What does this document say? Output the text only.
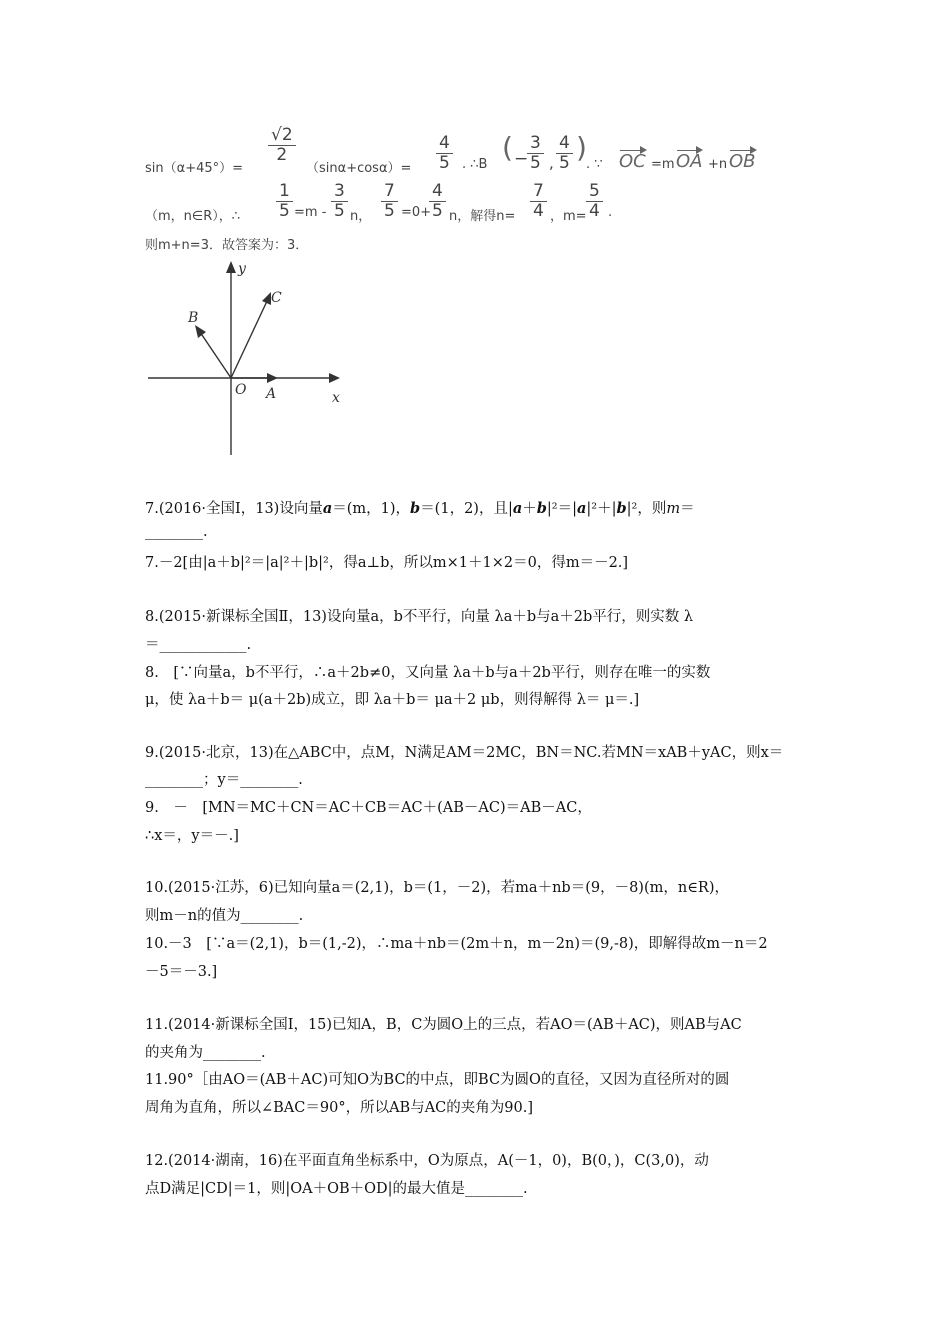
sin（α+45°）=
$\frac{√2}{2}$
$(\sin\alpha+\cos\alpha)= \frac{4}{5}$ . ∴B
( −
$\frac{3}{5}$ , $\frac{4}{5}$ )
. ∵ OC =m OA +n OB
（m，n∈R），∴ $\frac{1}{5} =m - \frac{3}{5}$ n， $\frac{7}{5} =0+$
$\frac{4}{5}$ n，解得$n= \frac{7}{4}$ ，$m= \frac{5}{4}$ .
则m+n=3．故答案为：3．
y
x
O A
B
C
7.(2016·全国Ⅰ，13)设向量a＝(m，1)，b＝(1，2)，且|a＋b|²＝|a|²＋|b|²，则m＝
________.
7.－2[由|a＋b|²＝|a|²＋|b|²，得a⊥b，所以m×1＋1×2＝0，得m＝－2.]
8.(2015·新课标全国Ⅱ，13)设向量a，b不平行，向量 λa＋b与a＋2b平行，则实数 λ
＝____________.
8.　[∵向量a，b不平行，∴a＋2b≠0，又向量 λa＋b与a＋2b平行，则存在唯一的实数
μ，使 λa＋b＝ μ(a＋2b)成立，即 λa＋b＝ μa＋2 μb，则得解得 λ＝ μ＝.]
9.(2015·北京，13)在△ABC中，点M，N满足AM＝2MC，BN＝NC.若MN＝xAB＋yAC，则x＝
________；y＝________.
9.　－　[MN＝MC＋CN＝AC＋CB＝AC＋(AB－AC)＝AB－AC，
∴x＝，y＝－.]
10.(2015·江苏，6)已知向量a＝(2,1)，b＝(1，－2)，若ma＋nb＝(9，－8)(m，n∈R)，
则m－n的值为________.
10.－3　[∵a＝(2,1)，b＝(1,-2)，∴ma＋nb＝(2m＋n，m－2n)＝(9,-8)，即解得故m－n＝2
－5＝－3.]
11.(2014·新课标全国Ⅰ，15)已知A，B，C为圆O上的三点，若AO＝(AB＋AC)，则AB与AC
的夹角为________.
11.90°［由AO＝(AB＋AC)可知O为BC的中点，即BC为圆O的直径，又因为直径所对的圆
周角为直角，所以∠BAC＝90°，所以AB与AC的夹角为90.]
12.(2014·湖南，16)在平面直角坐标系中，O为原点，A(－1，0)，B(0，)，C(3,0)，动
点D满足|CD|＝1，则|OA＋OB＋OD|的最大值是________.
